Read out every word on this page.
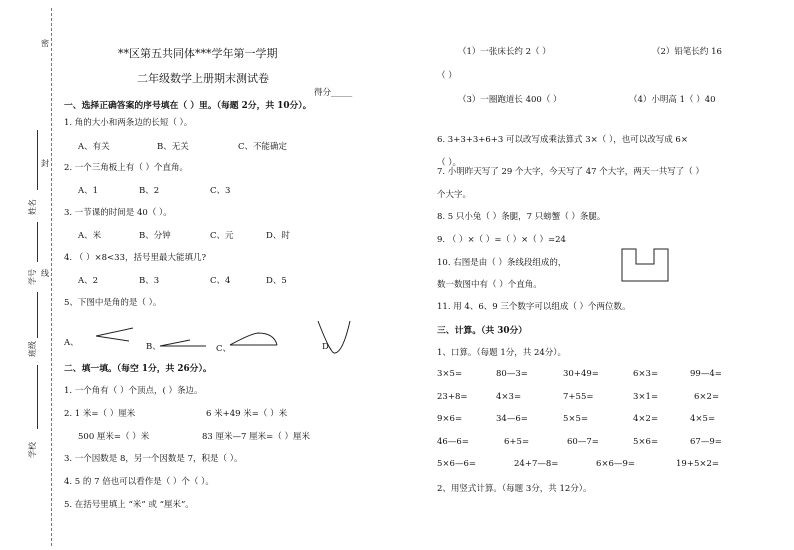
密
封
线
姓名
学号
班级
学校
**区第五共同体***学年第一学期
二年级数学上册期末测试卷
得分_____
一、选择正确答案的序号填在（ ）里。（每题 2分，共 10分）。
1. 角的大小和两条边的长短（ ）。
A、有关	B、无关	C、不能确定
2. 一个三角板上有（ ）个直角。
A、1	B、2	C、3
3. 一节课的时间是 40（ ）。
A、米	B、分钟	C、元	D、时
4. （ ）×8<33，括号里最大能填几?
A、2	B、3	C、4	D、5
5、下图中是角的是（ ）。
A、	B、	C、	D、
二、填一填。（每空 1分，共 26分）。
1. 一个角有（ ）个顶点，( ）条边。
2. 1 米=（ ）厘米	6 米+49 米=（ ）米
500 厘米=（ ）米	83 厘米—7 厘米=（ ）厘米
3. 一个因数是 8，另一个因数是 7，积是（ ）。
4. 5 的 7 倍也可以看作是（ ）个（ ）。
5. 在括号里填上 “米” 或 “厘米”。
（1）一张床长约 2（ ）	（2）铅笔长约 16
（ ）
（3）一圈跑道长 400（ ）	（4）小明高 1（ ）40
6. 3+3+3+6+3 可以改写成乘法算式 3×（ ），也可以改写成 6×
（ ）。
7. 小明昨天写了 29 个大字，今天写了 47 个大字，两天一共写了（ ）
个大字。
8. 5 只小兔（ ）条腿，7 只螃蟹（ ）条腿。
9. （ ）×（ ）=（ ）×（ ）=24
10. 右图是由（ ）条线段组成的，
数一数图中有（ ）个直角。
11. 用 4、6、9 三个数字可以组成（ ）个两位数。
三、计算。（共 30分）
1、口算。（每题 1分，共 24分）。
3×5=	80—3=	30+49=	6×3=	99—4=
23+8=	4×3=	7+55=	3×1=	6×2=
9×6=	34—6=	5×5=	4×2=	4×5=
46—6=	6+5=	60—7=	5×6=	67—9=
5×6—6=	24+7—8=	6×6—9=	19+5×2=
2、用竖式计算。（每题 3分，共 12分）。
